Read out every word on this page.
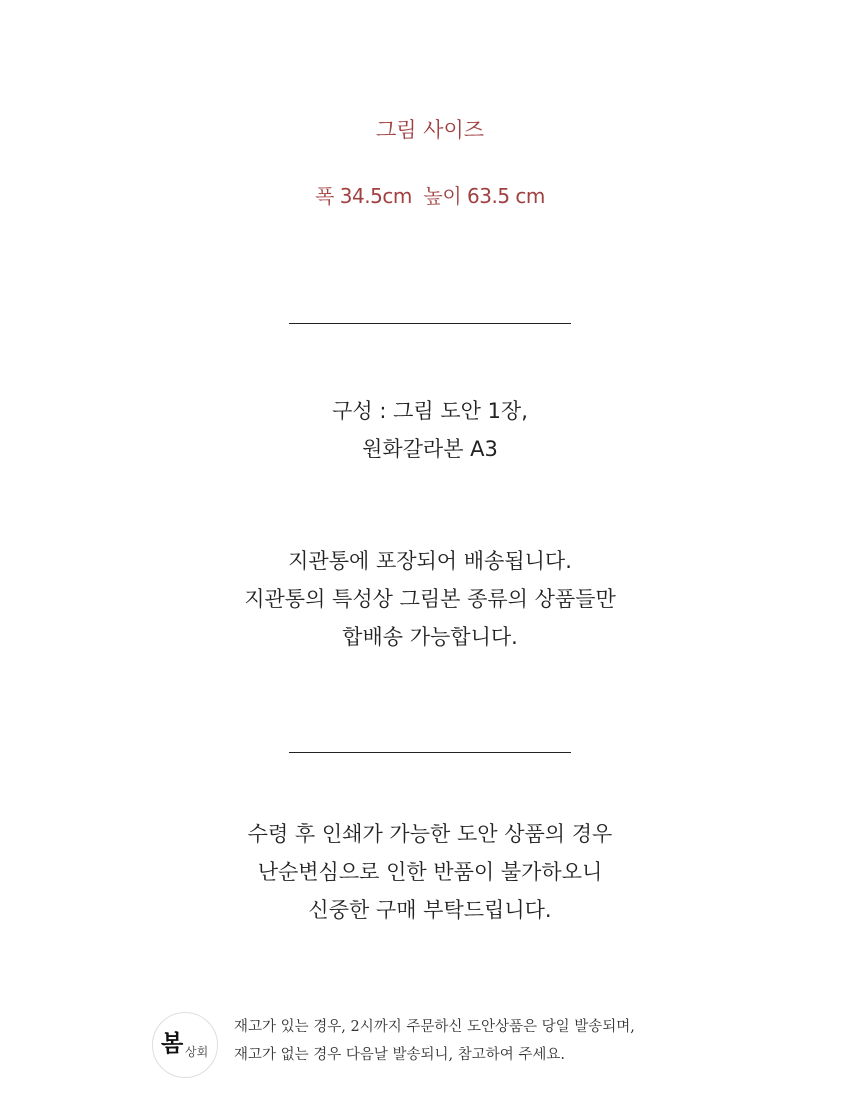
그림 사이즈
폭 34.5cm  높이 63.5 cm
구성 : 그림 도안 1장,
원화갈라본 A3
지관통에 포장되어 배송됩니다.
지관통의 특성상 그림본 종류의 상품들만
합배송 가능합니다.
수령 후 인쇄가 가능한 도안 상품의 경우
난순변심으로 인한 반품이 불가하오니
신중한 구매 부탁드립니다.
봄 상회
재고가 있는 경우, 2시까지 주문하신 도안상품은 당일 발송되며,
재고가 없는 경우 다음날 발송되니, 참고하여 주세요.
